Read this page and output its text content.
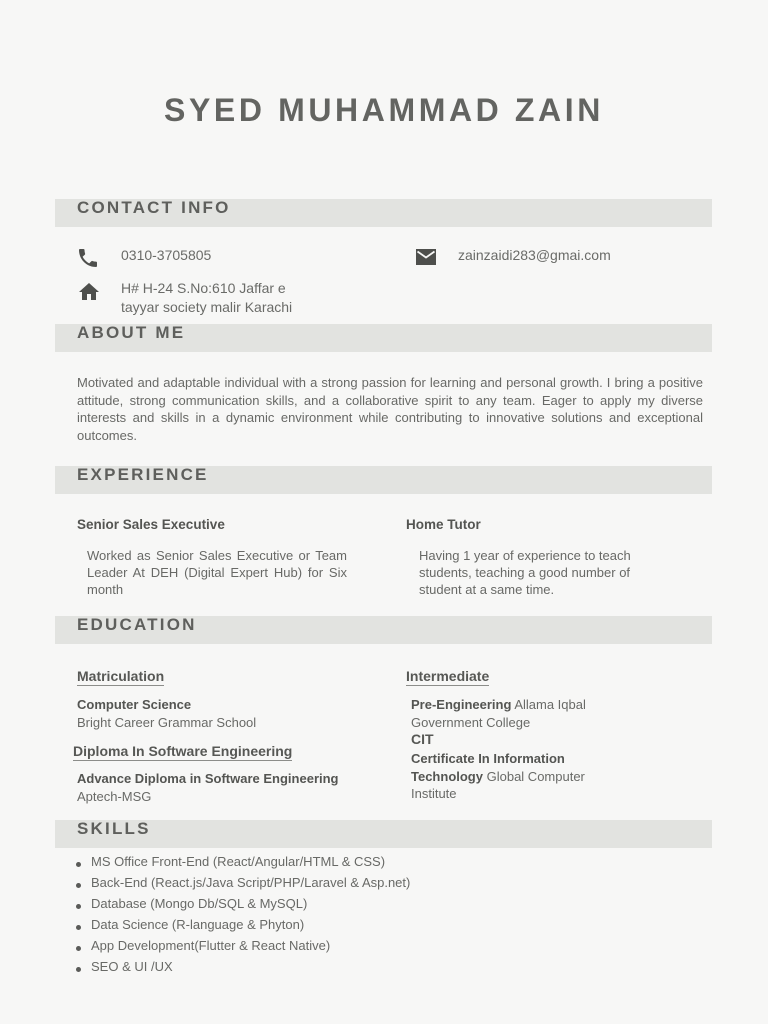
SYED MUHAMMAD ZAIN
CONTACT INFO
0310-3705805	zainzaidi283@gmai.com
H# H-24 S.No:610 Jaffar e
tayyar society malir Karachi
ABOUT ME

Motivated and adaptable individual with a strong passion for learning and personal growth. I bring a positive attitude, strong communication skills, and a collaborative spirit to any team. Eager to apply my diverse interests and skills in a dynamic environment while contributing to innovative solutions and exceptional outcomes.

EXPERIENCE
Senior Sales Executive

Worked as Senior Sales Executive or Team Leader At DEH (Digital Expert Hub) for Six month

Home Tutor

Having 1 year of experience to teach students, teaching a good number of student at a same time.

EDUCATION
Matriculation

Computer Science

Bright Career Grammar School

Diploma In Software Engineering

Advance Diploma in Software Engineering

Aptech-MSG

Intermediate

Pre-Engineering Allama Iqbal

Government College

CIT

Certificate In Information

Technology Global Computer

Institute

SKILLS
MS Office Front-End (React/Angular/HTML & CSS)
Back-End (React.js/Java Script/PHP/Laravel & Asp.net)
Database (Mongo Db/SQL & MySQL)
Data Science (R-language & Phyton)
App Development(Flutter & React Native)
SEO & UI /UX
